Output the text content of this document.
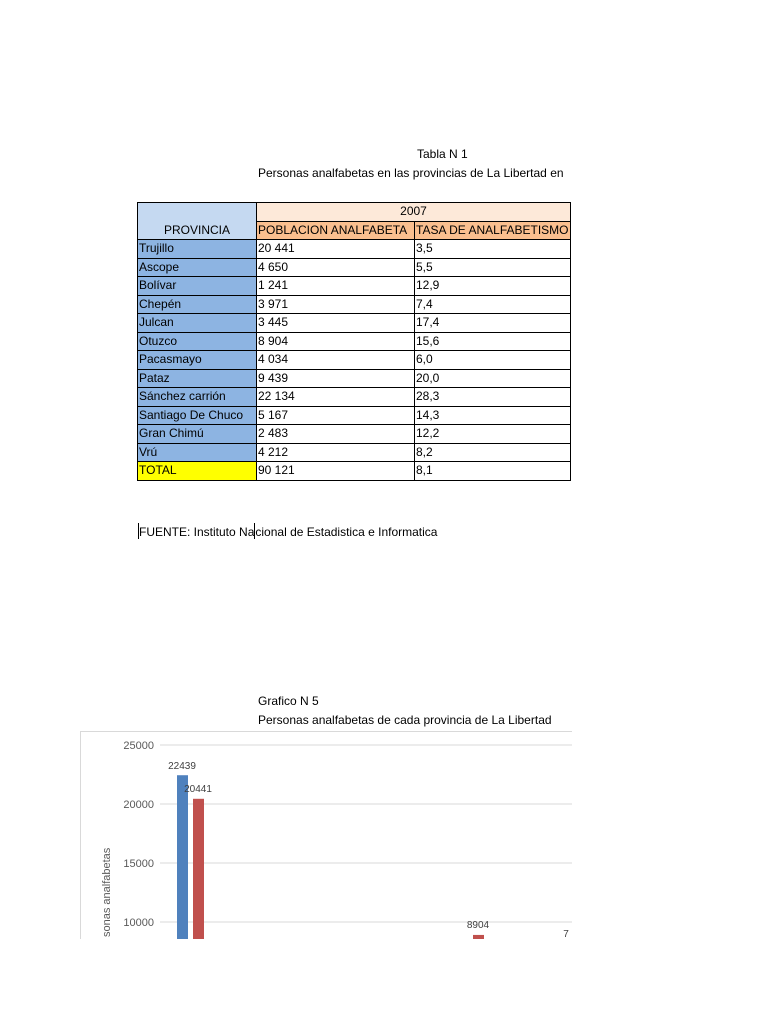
Tabla N 1
Personas analfabetas en las provincias de La Libertad en
PROVINCIA	2007	
	POBLACION ANALFABETA	TASA DE ANALFABETISMO
Trujillo	20 441	3,5
Ascope	4 650	5,5
Bolívar	1 241	12,9
Chepén	3 971	7,4
Julcan	3 445	17,4
Otuzco	8 904	15,6
Pacasmayo	4 034	6,0
Pataz	9 439	20,0
Sánchez carrión	22 134	28,3
Santiago De Chuco	5 167	14,3
Gran Chimú	2 483	12,2
Vrú	4 212	8,2
TOTAL	90 121	8,1
FUENTE: Instituto Nacional de Estadistica e Informatica
Grafico N 5
Personas analfabetas de cada provincia de La Libertad
10000
15000
20000
25000
sonas analfabetas
22439
20441
8904
7
